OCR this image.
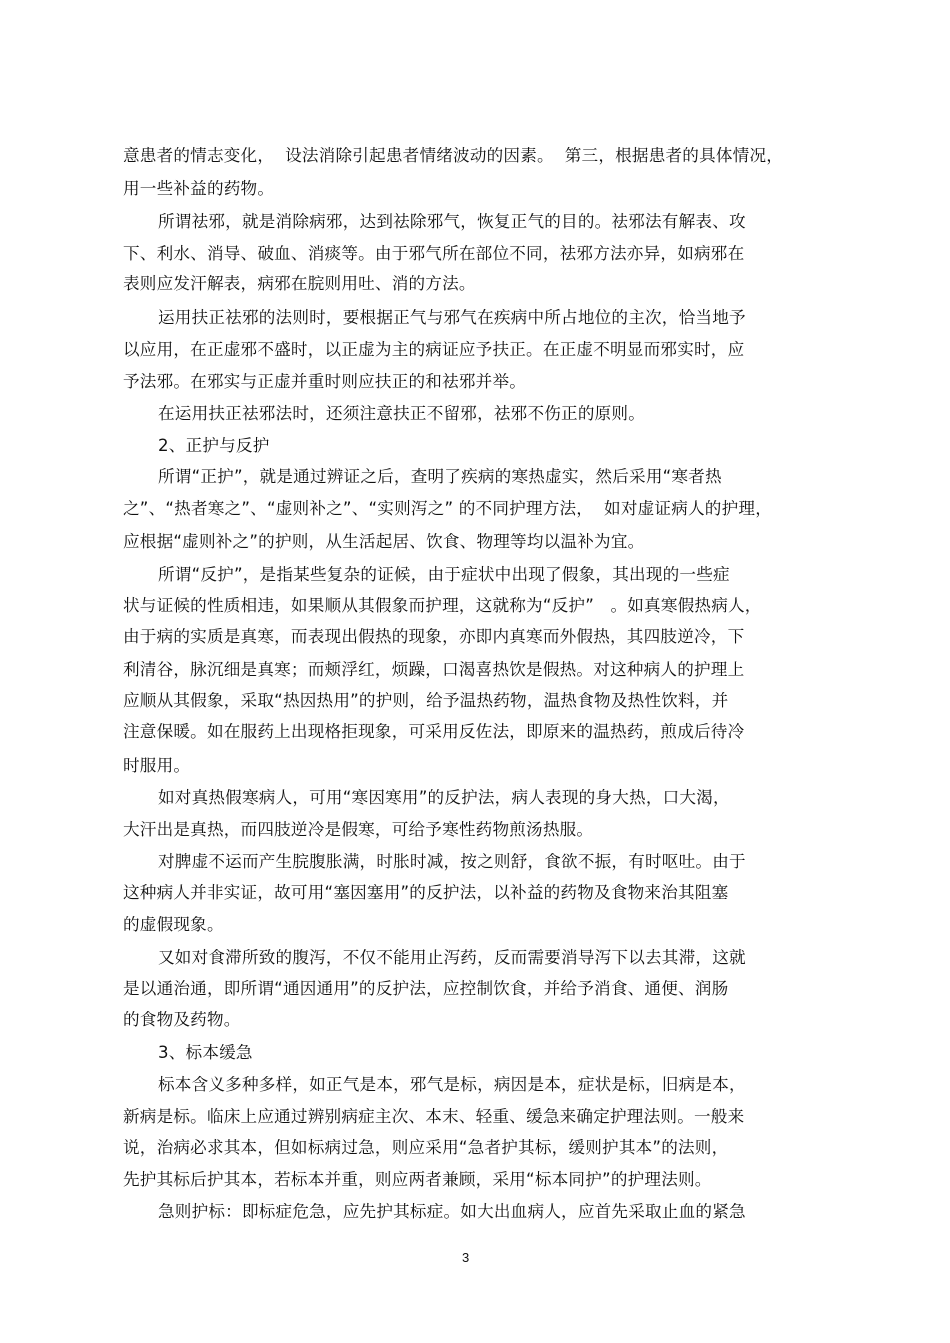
意患者的情志变化，  设法消除引起患者情绪波动的因素。  第三，根据患者的具体情况，
用一些补益的药物。
所谓祛邪，就是消除病邪，达到祛除邪气，恢复正气的目的。祛邪法有解表、攻
下、利水、消导、破血、消痰等。由于邪气所在部位不同，祛邪方法亦异，如病邪在
表则应发汗解表，病邪在脘则用吐、消的方法。
运用扶正祛邪的法则时，要根据正气与邪气在疾病中所占地位的主次，恰当地予
以应用，在正虚邪不盛时，以正虚为主的病证应予扶正。在正虚不明显而邪实时，应
予法邪。在邪实与正虚并重时则应扶正的和祛邪并举。
在运用扶正祛邪法时，还须注意扶正不留邪，祛邪不伤正的原则。
2、正护与反护
所谓“正护”，就是通过辨证之后，查明了疾病的寒热虚实，然后采用“寒者热
之”、“热者寒之”、“虚则补之”、“实则泻之” 的不同护理方法，  如对虚证病人的护理，
应根据“虚则补之”的护则，从生活起居、饮食、物理等均以温补为宜。
所谓“反护”，是指某些复杂的证候，由于症状中出现了假象，其出现的一些症
状与证候的性质相违，如果顺从其假象而护理，这就称为“反护”   。如真寒假热病人，
由于病的实质是真寒，而表现出假热的现象，亦即内真寒而外假热，其四肢逆冷，下
利清谷，脉沉细是真寒；而颊浮红，烦躁，口渴喜热饮是假热。对这种病人的护理上
应顺从其假象，采取“热因热用”的护则，给予温热药物，温热食物及热性饮料，并
注意保暖。如在服药上出现格拒现象，可采用反佐法，即原来的温热药，煎成后待冷
时服用。
如对真热假寒病人，可用“寒因寒用”的反护法，病人表现的身大热，口大渴，
大汗出是真热，而四肢逆冷是假寒，可给予寒性药物煎汤热服。
对脾虚不运而产生脘腹胀满，时胀时减，按之则舒，食欲不振，有时呕吐。由于
这种病人并非实证，故可用“塞因塞用”的反护法，以补益的药物及食物来治其阻塞
的虚假现象。
又如对食滞所致的腹泻，不仅不能用止泻药，反而需要消导泻下以去其滞，这就
是以通治通，即所谓“通因通用”的反护法，应控制饮食，并给予消食、通便、润肠
的食物及药物。
3、标本缓急
标本含义多种多样，如正气是本，邪气是标，病因是本，症状是标，旧病是本，
新病是标。临床上应通过辨别病症主次、本末、轻重、缓急来确定护理法则。一般来
说，治病必求其本，但如标病过急，则应采用“急者护其标，缓则护其本”的法则，
先护其标后护其本，若标本并重，则应两者兼顾，采用“标本同护”的护理法则。
急则护标：即标症危急，应先护其标症。如大出血病人，应首先采取止血的紧急
3
